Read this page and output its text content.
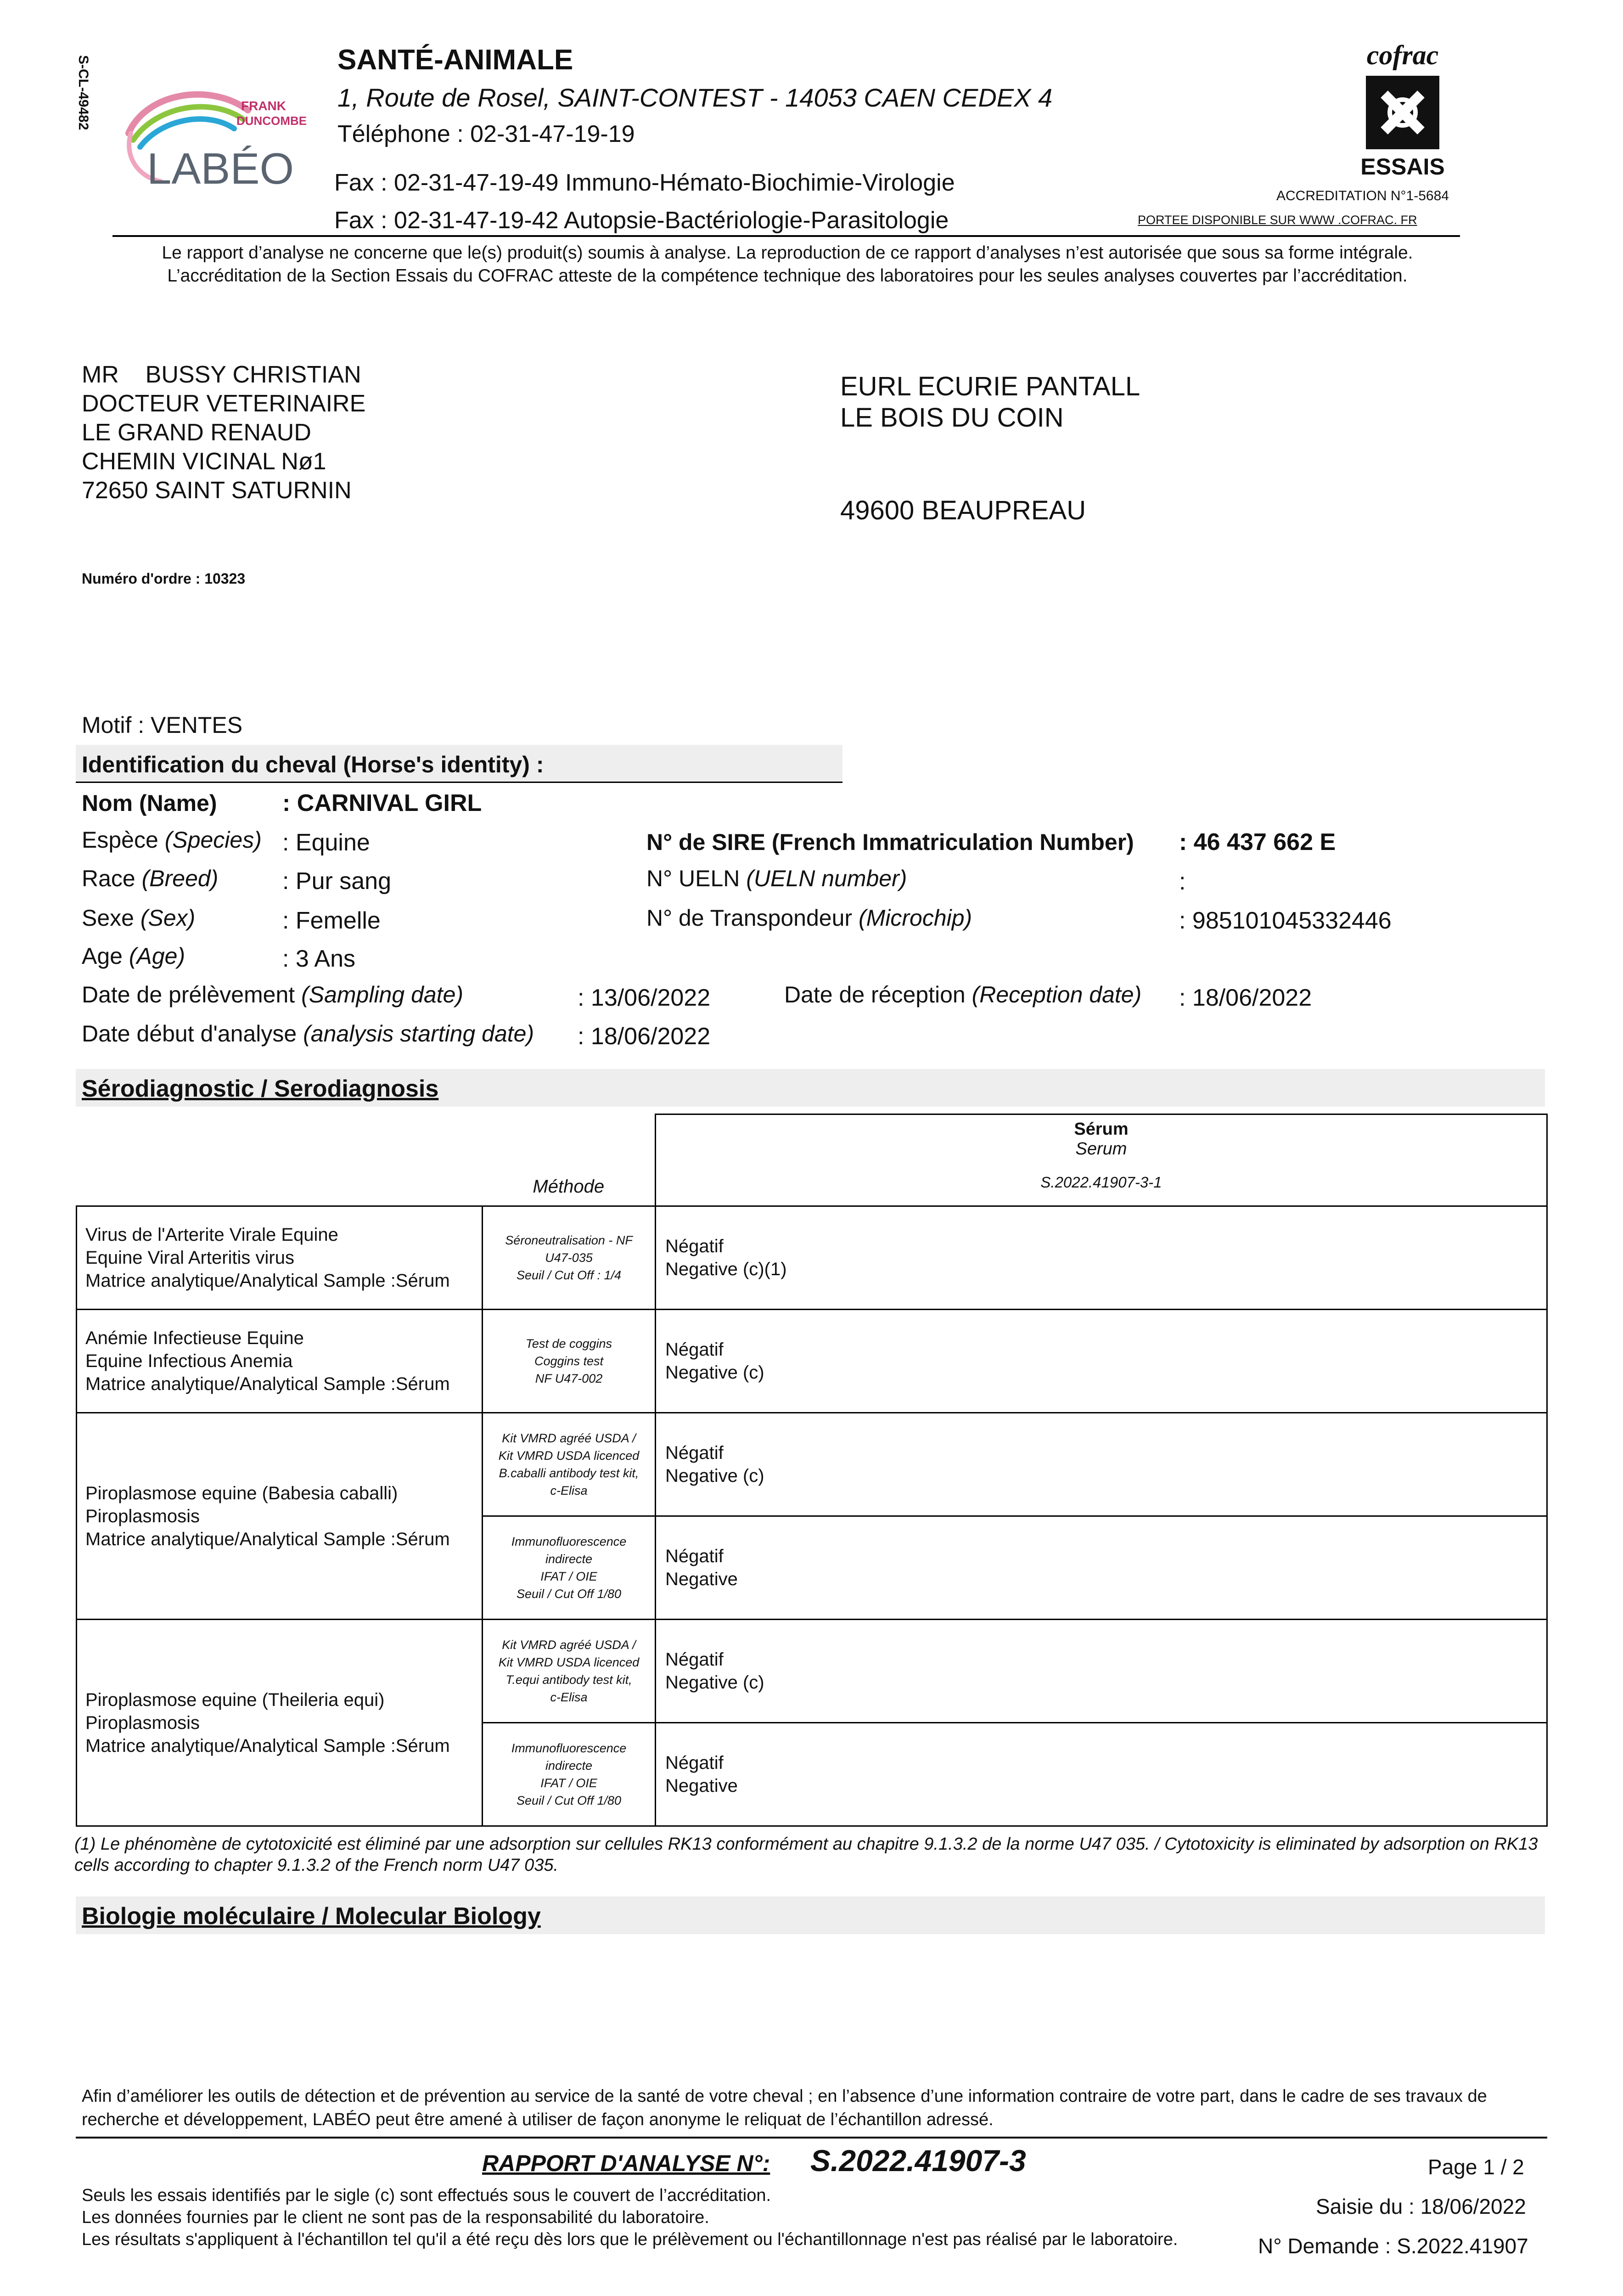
S-CL-49482	FRANK
DUNCOMBE
LABÉO
SANTÉ-ANIMALE
1, Route de Rosel, SAINT-CONTEST - 14053 CAEN CEDEX 4
Téléphone : 02-31-47-19-19
Fax : 02-31-47-19-49 Immuno-Hémato-Biochimie-Virologie
Fax : 02-31-47-19-42 Autopsie-Bactériologie-Parasitologie
cofrac
ESSAIS
ACCREDITATION N°1-5684
PORTEE DISPONIBLE SUR WWW .COFRAC. FR
Le rapport d’analyse ne concerne que le(s) produit(s) soumis à analyse. La reproduction de ce rapport d’analyses n’est autorisée que sous sa forme intégrale.
L’accréditation de la Section Essais du COFRAC atteste de la compétence technique des laboratoires pour les seules analyses couvertes par l’accréditation.
MR    BUSSY CHRISTIAN
DOCTEUR VETERINAIRE
LE GRAND RENAUD
CHEMIN VICINAL Nø1
72650 SAINT SATURNIN
EURL ECURIE PANTALL
LE BOIS DU COIN
49600 BEAUPREAU
Numéro d'ordre : 10323
Motif : VENTES
Identification du cheval (Horse's identity) :
Nom (Name)	: CARNIVAL GIRL
Espèce (Species) : Equine
Race (Breed)	: Pur sang
Sexe (Sex)	: Femelle
Age (Age)	: 3 Ans
N° de SIRE (French Immatriculation Number) : 46 437 662 E
N° UELN (UELN number)	:
N° de Transpondeur (Microchip)	: 985101045332446
Date de prélèvement (Sampling date)	: 13/06/2022	Date de réception (Reception date) : 18/06/2022
Date début d'analyse (analysis starting date) : 18/06/2022
Sérodiagnostic / Serodiagnosis
	Méthode	Sérum
Serum
S.2022.41907-3-1

Virus de l'Arterite Virale Equine
Equine Viral Arteritis virus
Matrice analytique/Analytical Sample :Sérum	Séroneutralisation - NF
U47-035
Seuil / Cut Off : 1/4	Négatif
Negative (c)(1)

Anémie Infectieuse Equine
Equine Infectious Anemia
Matrice analytique/Analytical Sample :Sérum	Test de coggins
Coggins test
NF U47-002	Négatif
Negative (c)

Piroplasmose equine (Babesia caballi)
Piroplasmosis
Matrice analytique/Analytical Sample :Sérum	Kit VMRD agréé USDA /
Kit VMRD USDA licenced
B.caballi antibody test kit,
c-Elisa	Négatif
Negative (c)

	Immunofluorescence
indirecte
IFAT / OIE
Seuil / Cut Off 1/80	Négatif
Negative

Piroplasmose equine (Theileria equi)
Piroplasmosis
Matrice analytique/Analytical Sample :Sérum	Kit VMRD agréé USDA /
Kit VMRD USDA licenced
T.equi antibody test kit,
c-Elisa	Négatif
Negative (c)

	Immunofluorescence
indirecte
IFAT / OIE
Seuil / Cut Off 1/80	Négatif
Negative
(1) Le phénomène de cytotoxicité est éliminé par une adsorption sur cellules RK13 conformément au chapitre 9.1.3.2 de la norme U47 035. / Cytotoxicity is eliminated by adsorption on RK13 cells according to chapter 9.1.3.2 of the French norm U47 035.
Biologie moléculaire / Molecular Biology
Afin d’améliorer les outils de détection et de prévention au service de la santé de votre cheval ; en l’absence d’une information contraire de votre part, dans le cadre de ses travaux de recherche et développement, LABÉO peut être amené à utiliser de façon anonyme le reliquat de l’échantillon adressé.
RAPPORT D'ANALYSE N°: S.2022.41907-3	Page 1 / 2
Seuls les essais identifiés par le sigle (c) sont effectués sous le couvert de l’accréditation.
Les données fournies par le client ne sont pas de la responsabilité du laboratoire.
Les résultats s'appliquent à l'échantillon tel qu'il a été reçu dès lors que le prélèvement ou l'échantillonnage n'est pas réalisé par le laboratoire.
Saisie du : 18/06/2022
N° Demande : S.2022.41907
